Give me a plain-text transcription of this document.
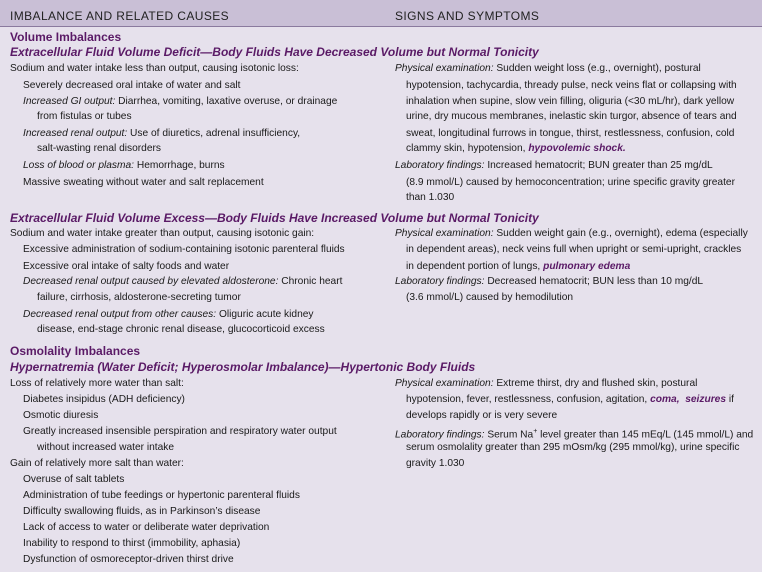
IMBALANCE AND RELATED CAUSES	SIGNS AND SYMPTOMS
Volume Imbalances
Extracellular Fluid Volume Deficit—Body Fluids Have Decreased Volume but Normal Tonicity
Sodium and water intake less than output, causing isotonic loss:
Severely decreased oral intake of water and salt
Increased GI output: Diarrhea, vomiting, laxative overuse, or drainage
from fistulas or tubes
Increased renal output: Use of diuretics, adrenal insufficiency,
salt-wasting renal disorders
Loss of blood or plasma: Hemorrhage, burns
Massive sweating without water and salt replacement
Physical examination: Sudden weight loss (e.g., overnight), postural
hypotension, tachycardia, thready pulse, neck veins flat or collapsing with
inhalation when supine, slow vein filling, oliguria (<30 mL/hr), dark yellow
urine, dry mucous membranes, inelastic skin turgor, absence of tears and
sweat, longitudinal furrows in tongue, thirst, restlessness, confusion, cold
clammy skin, hypotension, hypovolemic shock.
Laboratory findings: Increased hematocrit; BUN greater than 25 mg/dL
(8.9 mmol/L) caused by hemoconcentration; urine specific gravity greater
than 1.030
Extracellular Fluid Volume Excess—Body Fluids Have Increased Volume but Normal Tonicity
Sodium and water intake greater than output, causing isotonic gain:
Excessive administration of sodium-containing isotonic parenteral fluids
Excessive oral intake of salty foods and water
Decreased renal output caused by elevated aldosterone: Chronic heart
failure, cirrhosis, aldosterone-secreting tumor
Decreased renal output from other causes: Oliguric acute kidney
disease, end-stage chronic renal disease, glucocorticoid excess
Physical examination: Sudden weight gain (e.g., overnight), edema (especially
in dependent areas), neck veins full when upright or semi-upright, crackles
in dependent portion of lungs, pulmonary edema
Laboratory findings: Decreased hematocrit; BUN less than 10 mg/dL
(3.6 mmol/L) caused by hemodilution
Osmolality Imbalances
Hypernatremia (Water Deficit; Hyperosmolar Imbalance)—Hypertonic Body Fluids
Loss of relatively more water than salt:
Diabetes insipidus (ADH deficiency)
Osmotic diuresis
Greatly increased insensible perspiration and respiratory water output
without increased water intake
Gain of relatively more salt than water:
Overuse of salt tablets
Administration of tube feedings or hypertonic parenteral fluids
Difficulty swallowing fluids, as in Parkinson’s disease
Lack of access to water or deliberate water deprivation
Inability to respond to thirst (immobility, aphasia)
Dysfunction of osmoreceptor-driven thirst drive
Physical examination: Extreme thirst, dry and flushed skin, postural
hypotension, fever, restlessness, confusion, agitation, coma, seizures if
develops rapidly or is very severe
Laboratory findings: Serum Na+ level greater than 145 mEq/L (145 mmol/L) and
serum osmolality greater than 295 mOsm/kg (295 mmol/kg), urine specific
gravity 1.030
